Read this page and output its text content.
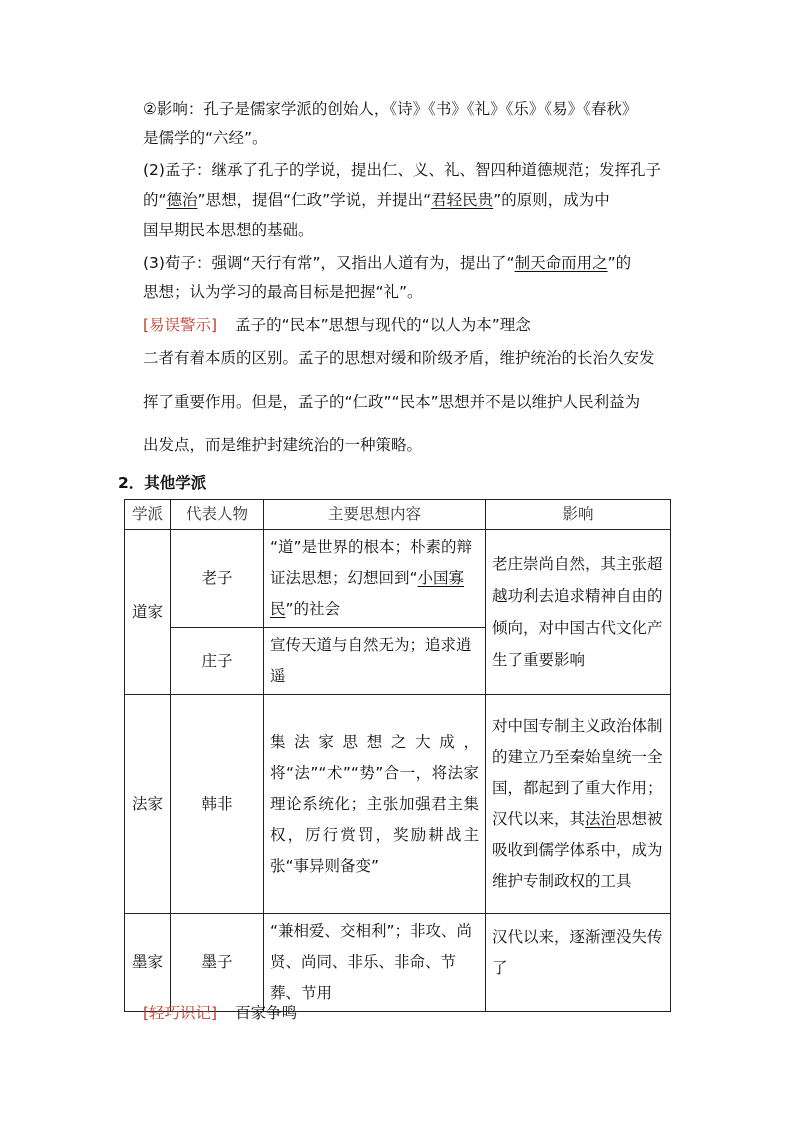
②影响：孔子是儒家学派的创始人，《诗》《书》《礼》《乐》《易》《春秋》
是儒学的“六经”。
(2)孟子：继承了孔子的学说，提出仁、义、礼、智四种道德规范；发挥孔子
的“德治”思想，提倡“仁政”学说，并提出“君轻民贵”的原则，成为中
国早期民本思想的基础。
(3)荀子：强调“天行有常”，又指出人道有为，提出了“制天命而用之”的
思想；认为学习的最高目标是把握“礼”。
[易误警示] 孟子的“民本”思想与现代的“以人为本”理念
二者有着本质的区别。孟子的思想对缓和阶级矛盾，维护统治的长治久安发
挥了重要作用。但是，孟子的“仁政”“民本”思想并不是以维护人民利益为
出发点，而是维护封建统治的一种策略。
2．其他学派
学派	代表人物	主要思想内容	影响
道家	老子	“道”是世界的根本；朴素的辩证法思想；幻想回到“小国寡民”的社会	老庄崇尚自然，其主张超越功利去追求精神自由的倾向，对中国古代文化产生了重要影响
	庄子	宣传天道与自然无为；追求逍遥	
法家	韩非	集法家思想之大成，将“法”“术”“势”合一，将法家理论系统化；主张加强君主集权，厉行赏罚，奖励耕战主张“事异则备变”	对中国专制主义政治体制的建立乃至秦始皇统一全国，都起到了重大作用；汉代以来，其法治思想被吸收到儒学体系中，成为维护专制政权的工具
墨家	墨子	“兼相爱、交相利”；非攻、尚贤、尚同、非乐、非命、节葬、节用	汉代以来，逐渐湮没失传了
[轻巧识记] 百家争鸣
